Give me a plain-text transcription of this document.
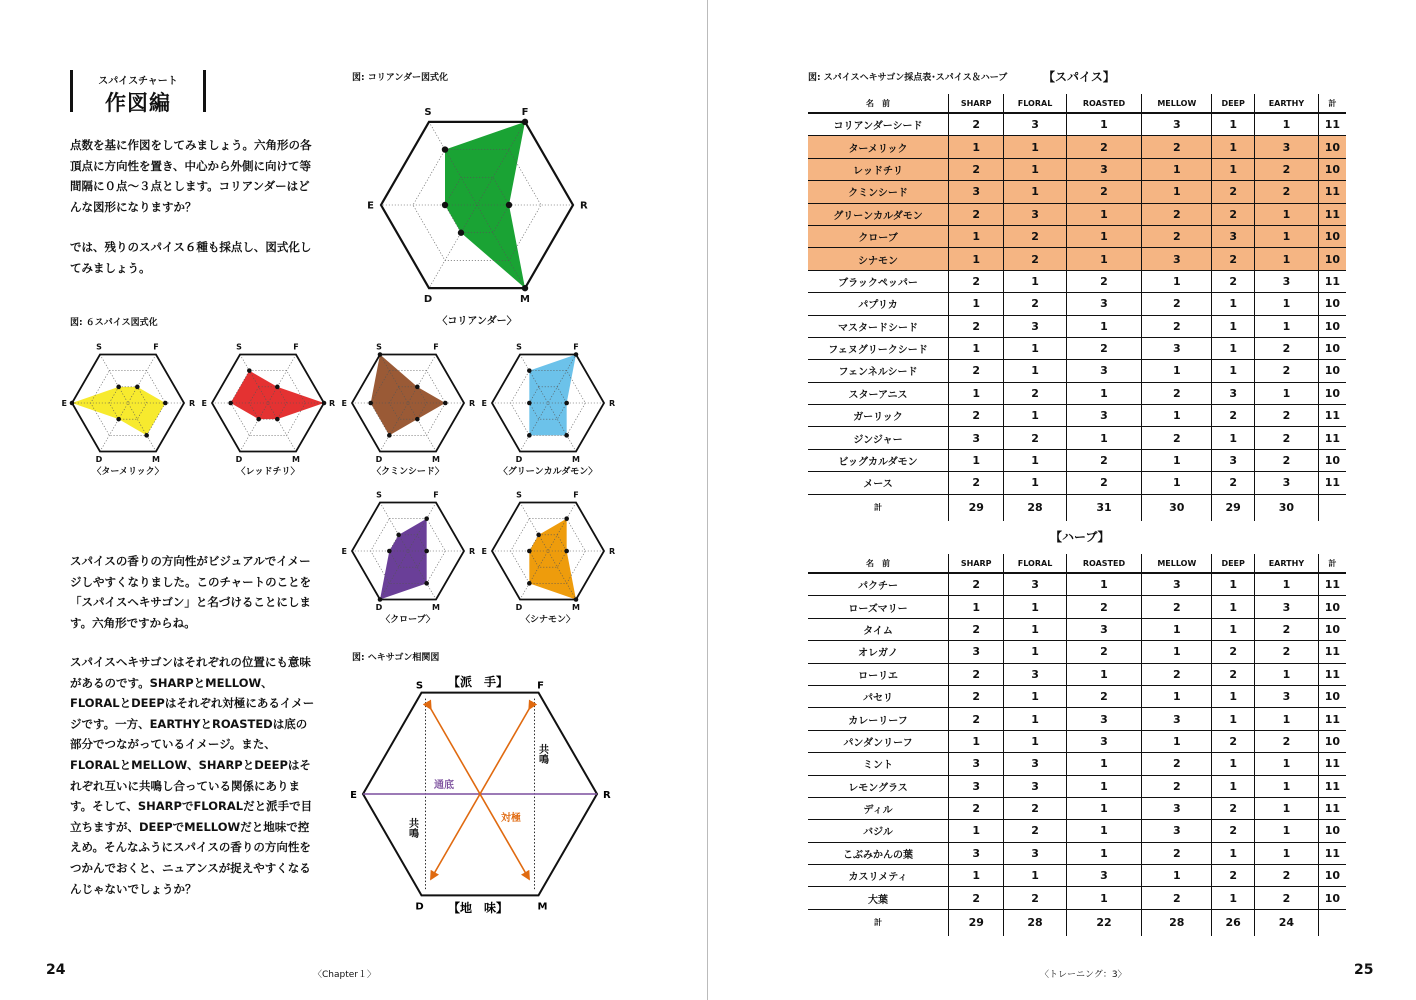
スパイスチャート
作図編
点数を基に作図をしてみましょう。六角形の各頂点に方向性を置き、中心から外側に向けて等間隔に０点〜３点とします。コリアンダーはどんな図形になりますか？
では、残りのスパイス６種も採点し、図式化してみましょう。
図: コリアンダー図式化
S	F
R
M
D
E
〈コリアンダー〉
図: ６スパイス図式化
S	F
R
M
D
E
〈ターメリック〉
S	F
R
M
D
E
〈レッドチリ〉
S	F
R
M
D
E
〈クミンシード〉
S	F
R
M
D
E
〈グリーンカルダモン〉
S	F
R
M
D
E
〈クローブ〉
S	F
R
M
D
E
〈シナモン〉
スパイスの香りの方向性がビジュアルでイメージしやすくなりました。このチャートのことを「スパイスヘキサゴン」と名づけることにします。六角形ですからね。
スパイスヘキサゴンはそれぞれの位置にも意味があるのです。SHARPとMELLOW、FLORALとDEEPはそれぞれ対極にあるイメージです。一方、EARTHYとROASTEDは底の部分でつながっているイメージ。また、FLORALとMELLOW、SHARPとDEEPはそれぞれ互いに共鳴し合っている関係にあります。そして、SHARPでFLORALだと派手で目立ちますが、DEEPでMELLOWだと地味で控えめ。そんなふうにスパイスの香りの方向性をつかんでおくと、ニュアンスが捉えやすくなるんじゃないでしょうか？
図: ヘキサゴン相関図
【派　手】
【地　味】
S	F
R
M
D
E
通底
対極
共鳴
共鳴
24	〈Chapter１〉
図: スパイスヘキサゴン採点表･スパイス＆ハーブ	【スパイス】
名　前	SHARP	FLORAL	ROASTED	MELLOW	DEEP	EARTHY	計
コリアンダーシード	2	3	1	3	1	1	11
ターメリック	1	1	2	2	1	3	10
レッドチリ	2	1	3	1	1	2	10
クミンシード	3	1	2	1	2	2	11
グリーンカルダモン	2	3	1	2	2	1	11
クローブ	1	2	1	2	3	1	10
シナモン	1	2	1	3	2	1	10
ブラックペッパー	2	1	2	1	2	3	11
パプリカ	1	2	3	2	1	1	10
マスタードシード	2	3	1	2	1	1	10
フェヌグリークシード	1	1	2	3	1	2	10
フェンネルシード	2	1	3	1	1	2	10
スターアニス	1	2	1	2	3	1	10
ガーリック	2	1	3	1	2	2	11
ジンジャー	3	2	1	2	1	2	11
ビッグカルダモン	1	1	2	1	3	2	10
メース	2	1	2	1	2	3	11
計	29	28	31	30	29	30	
【ハーブ】
名　前	SHARP	FLORAL	ROASTED	MELLOW	DEEP	EARTHY	計
パクチー	2	3	1	3	1	1	11
ローズマリー	1	1	2	2	1	3	10
タイム	2	1	3	1	1	2	10
オレガノ	3	1	2	1	2	2	11
ローリエ	2	3	1	2	2	1	11
パセリ	2	1	2	1	1	3	10
カレーリーフ	2	1	3	3	1	1	11
パンダンリーフ	1	1	3	1	2	2	10
ミント	3	3	1	2	1	1	11
レモングラス	3	3	1	2	1	1	11
ディル	2	2	1	3	2	1	11
バジル	1	2	1	3	2	1	10
こぶみかんの葉	3	3	1	2	1	1	11
カスリメティ	1	1	3	1	2	2	10
大葉	2	2	1	2	1	2	10
計	29	28	22	28	26	24	
〈トレーニング：3〉	25
